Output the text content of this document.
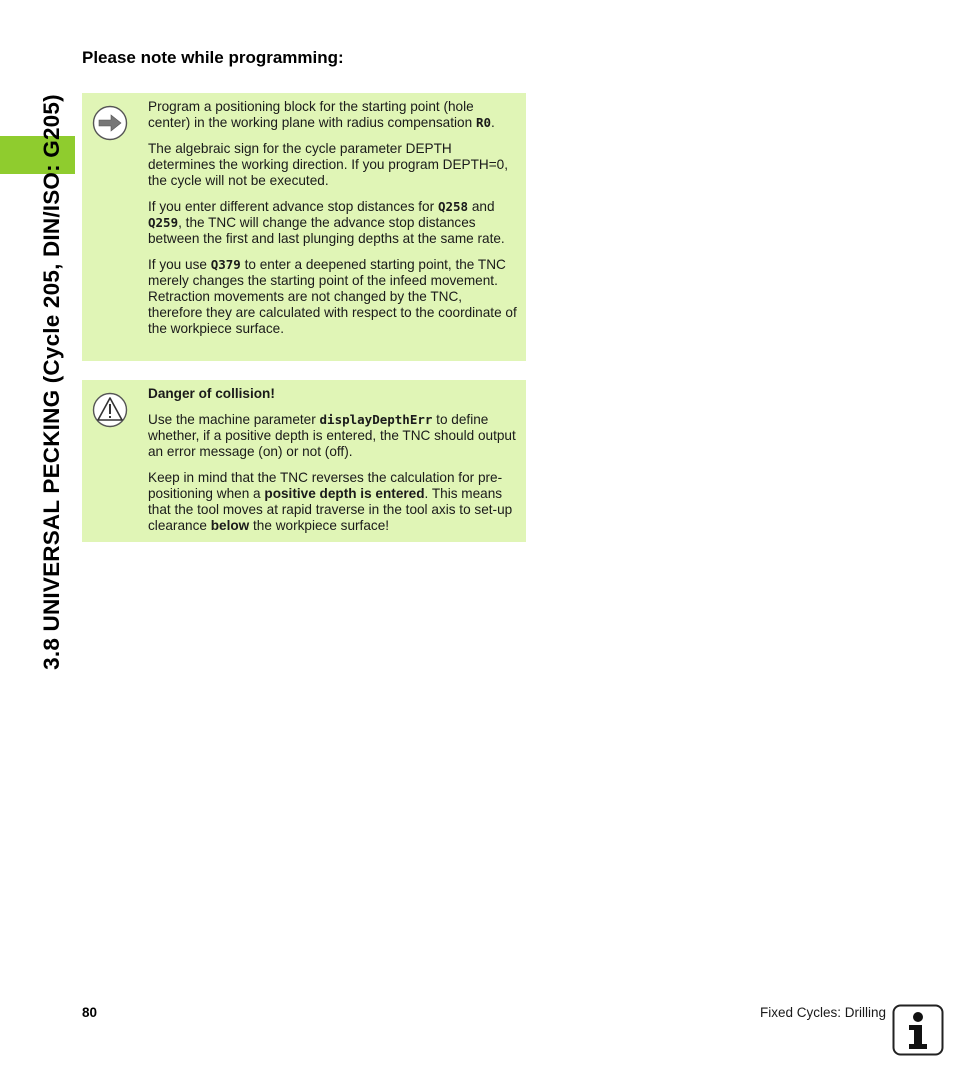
3.8 UNIVERSAL PECKING (Cycle 205, DIN/ISO: G205)
Please note while programming:

Program a positioning block for the starting point (hole center) in the working plane with radius compensation R0.

The algebraic sign for the cycle parameter DEPTH determines the working direction. If you program DEPTH=0, the cycle will not be executed.

If you enter different advance stop distances for Q258 and Q259, the TNC will change the advance stop distances between the first and last plunging depths at the same rate.

If you use Q379 to enter a deepened starting point, the TNC merely changes the starting point of the infeed movement. Retraction movements are not changed by the TNC, therefore they are calculated with respect to the coordinate of the workpiece surface.

Danger of collision!

Use the machine parameter displayDepthErr to define whether, if a positive depth is entered, the TNC should output an error message (on) or not (off).

Keep in mind that the TNC reverses the calculation for pre-positioning when a positive depth is entered. This means that the tool moves at rapid traverse in the tool axis to set-up clearance below the workpiece surface!

80	Fixed Cycles: Drilling
